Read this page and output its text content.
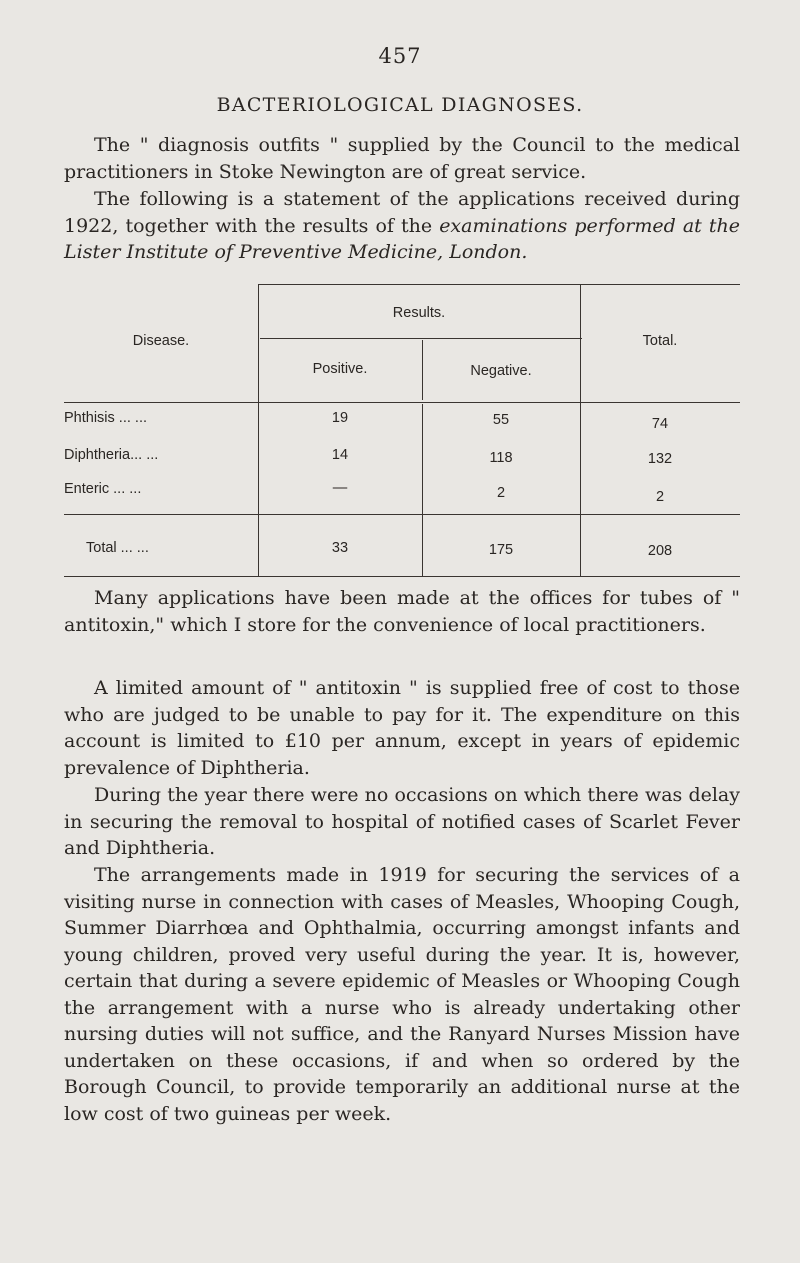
457
BACTERIOLOGICAL DIAGNOSES.

The " diagnosis outfits " supplied by the Council to the medical practitioners in Stoke Newington are of great service.

The following is a statement of the applications received during 1922, together with the results of the examinations performed at the Lister Institute of Preventive Medicine, London.

Disease.
Results.
Positive.	Negative.
Total.
Phthisis ... ...	19	55	74
Diphtheria... ...	14	118	132
Enteric ... ...	—	2	2
Total ... ...	33	175	208

Many applications have been made at the offices for tubes of " antitoxin," which I store for the convenience of local practitioners.

A limited amount of " antitoxin " is supplied free of cost to those who are judged to be unable to pay for it. The expenditure on this account is limited to £10 per annum, except in years of epidemic prevalence of Diphtheria.

During the year there were no occasions on which there was delay in securing the removal to hospital of notified cases of Scarlet Fever and Diphtheria.

The arrangements made in 1919 for securing the services of a visiting nurse in connection with cases of Measles, Whooping Cough, Summer Diarrhœa and Ophthalmia, occurring amongst infants and young children, proved very useful during the year. It is, however, certain that during a severe epidemic of Measles or Whooping Cough the arrangement with a nurse who is already undertaking other nursing duties will not suffice, and the Ranyard Nurses Mission have undertaken on these occasions, if and when so ordered by the Borough Council, to provide temporarily an additional nurse at the low cost of two guineas per week.
